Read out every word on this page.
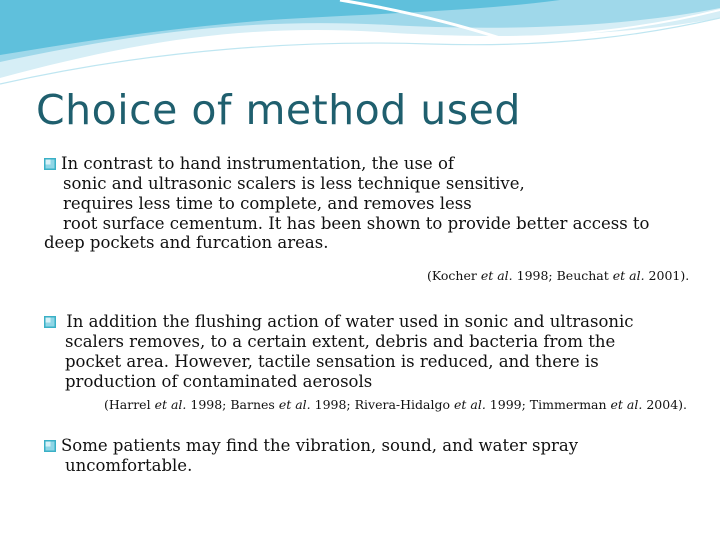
Choice of method used
In contrast to hand instrumentation, the use of
sonic and ultrasonic scalers is less technique sensitive,
requires less time to complete, and removes less
root surface cementum. It has been shown to provide better access to
deep pockets and furcation areas.
(Kocher et al. 1998; Beuchat et al. 2001).
In addition the flushing action of water used in sonic and ultrasonic
scalers removes, to a certain extent, debris and bacteria from the
pocket area. However, tactile sensation is reduced, and there is
production of contaminated aerosols
(Harrel et al. 1998; Barnes et al. 1998; Rivera-Hidalgo et al. 1999; Timmerman et al. 2004).
Some patients may find the vibration, sound, and water spray
uncomfortable.
